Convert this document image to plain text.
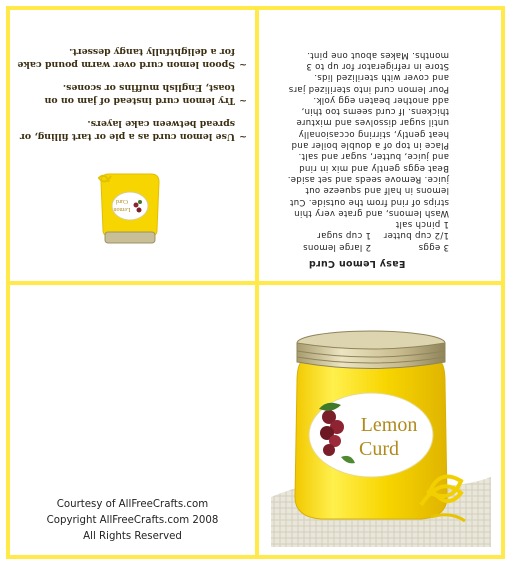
Lemon
Curd
~
Use lemon curd as a pie or tart filling, or spread between cake layers.
~
Try lemon curd instead of jam on on toast, English muffins or scones.
~
Spoon lemon curd over warm pound cake for a delightfully tangy dessert.
Easy Lemon Curd
3 eggs
2 large lemons
1/2 cup butter
1 cup sugar
1 pinch salt

Wash lemons, and grate very thin

strips of rind from the outside. Cut

lemons in half and squeeze out

juice. Remove seeds and set aside.

Beat eggs gently and mix in rind

and juice, butter, sugar and salt.

Place in top of a double boiler and

heat gently, stirring occasionally

until sugar dissolves and mixture

thickens. If curd seems too thin,

add another beaten egg yolk.

Pour lemon curd into sterilized jars

and cover with sterilized lids.

Store in refrigerator for up to 3

months. Makes about one pint.

Courtesy of AllFreeCrafts.com
Copyright AllFreeCrafts.com 2008
All Rights Reserved
Lemon
Curd
